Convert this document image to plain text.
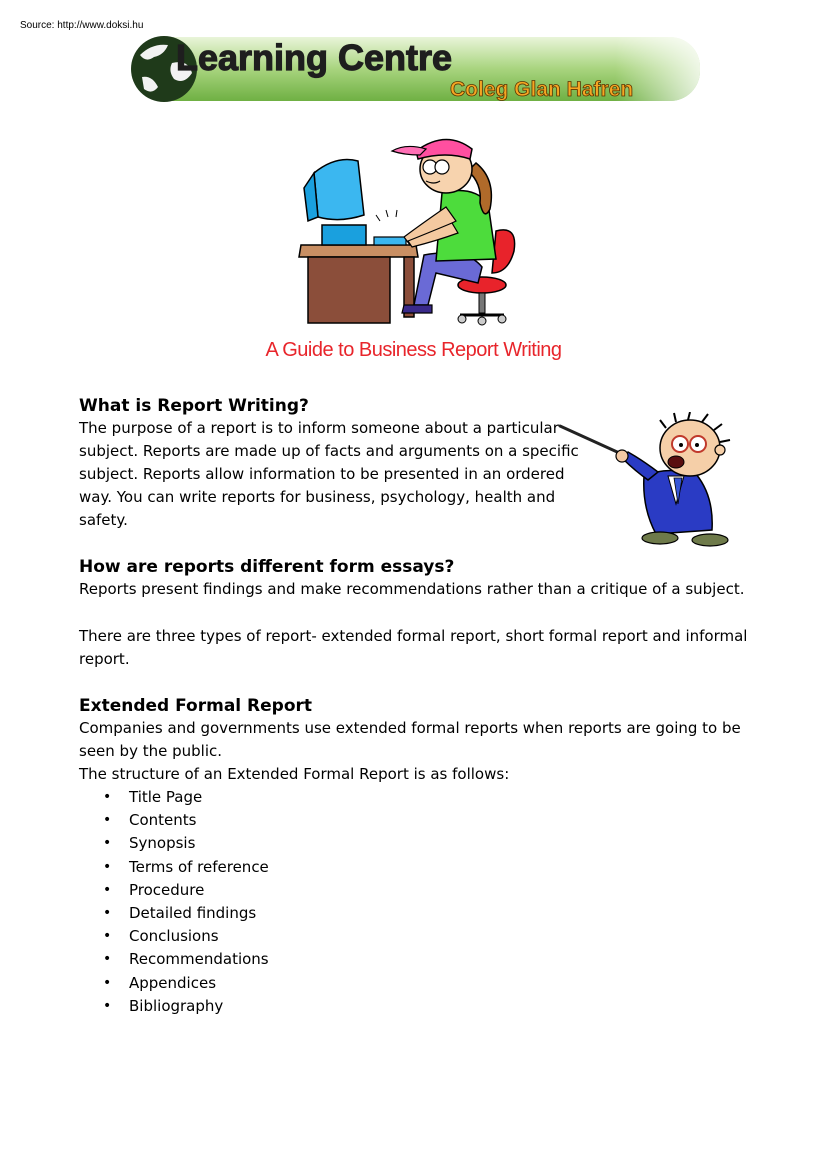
Source: http://www.doksi.hu
Learning Centre
Coleg Glan Hafren
A Guide to Business Report Writing
What is Report Writing?

The purpose of a report is to inform someone about a particular subject. Reports are made up of facts and arguments on a specific subject. Reports allow information to be presented in an ordered way. You can write reports for business, psychology, health and safety.

How are reports different form essays?

Reports present findings and make recommendations rather than a critique of a subject.

There are three types of report- extended formal report, short formal report and informal report.

Extended Formal Report

Companies and governments use extended formal reports when reports are going to be seen by the public.

The structure of an Extended Formal Report is as follows:

• Title Page
• Contents
• Synopsis
• Terms of reference
• Procedure
• Detailed findings
• Conclusions
• Recommendations
• Appendices
• Bibliography
